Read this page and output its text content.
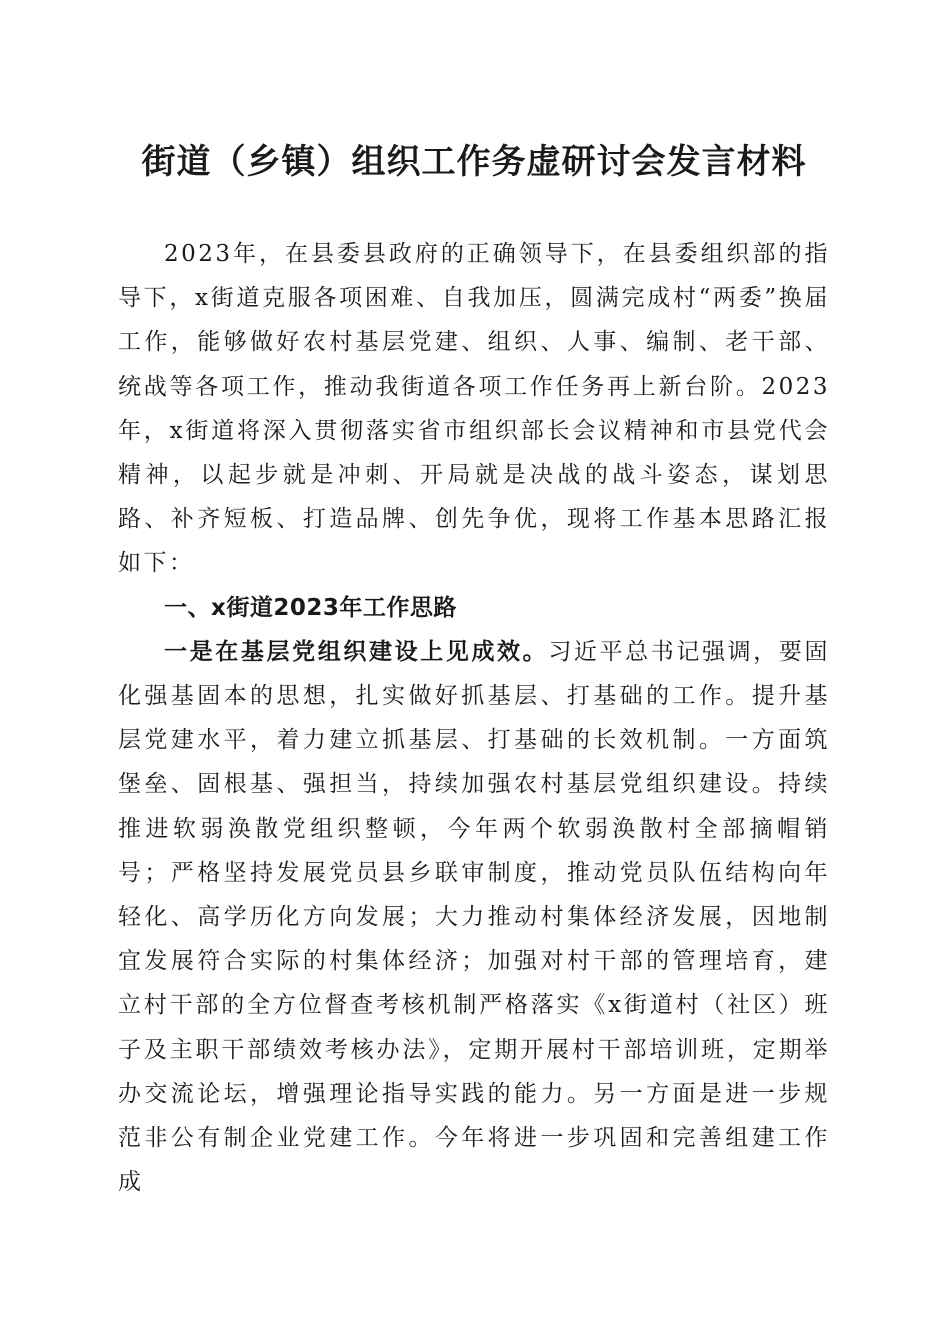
街道（乡镇）组织工作务虚研讨会发言材料

2023年，在县委县政府的正确领导下，在县委组织部的指导下，x街道克服各项困难、自我加压，圆满完成村“两委”换届工作，能够做好农村基层党建、组织、人事、编制、老干部、统战等各项工作，推动我街道各项工作任务再上新台阶。2023年，x街道将深入贯彻落实省市组织部长会议精神和市县党代会精神，以起步就是冲刺、开局就是决战的战斗姿态，谋划思路、补齐短板、打造品牌、创先争优，现将工作基本思路汇报如下：

一、x街道2023年工作思路

一是在基层党组织建设上见成效。习近平总书记强调，要固化强基固本的思想，扎实做好抓基层、打基础的工作。提升基层党建水平，着力建立抓基层、打基础的长效机制。一方面筑堡垒、固根基、强担当，持续加强农村基层党组织建设。持续推进软弱涣散党组织整顿，今年两个软弱涣散村全部摘帽销号；严格坚持发展党员县乡联审制度，推动党员队伍结构向年轻化、高学历化方向发展；大力推动村集体经济发展，因地制宜发展符合实际的村集体经济；加强对村干部的管理培育，建立村干部的全方位督查考核机制严格落实《x街道村（社区）班子及主职干部绩效考核办法》，定期开展村干部培训班，定期举办交流论坛，增强理论指导实践的能力。另一方面是进一步规范非公有制企业党建工作。今年将进一步巩固和完善组建工作成
